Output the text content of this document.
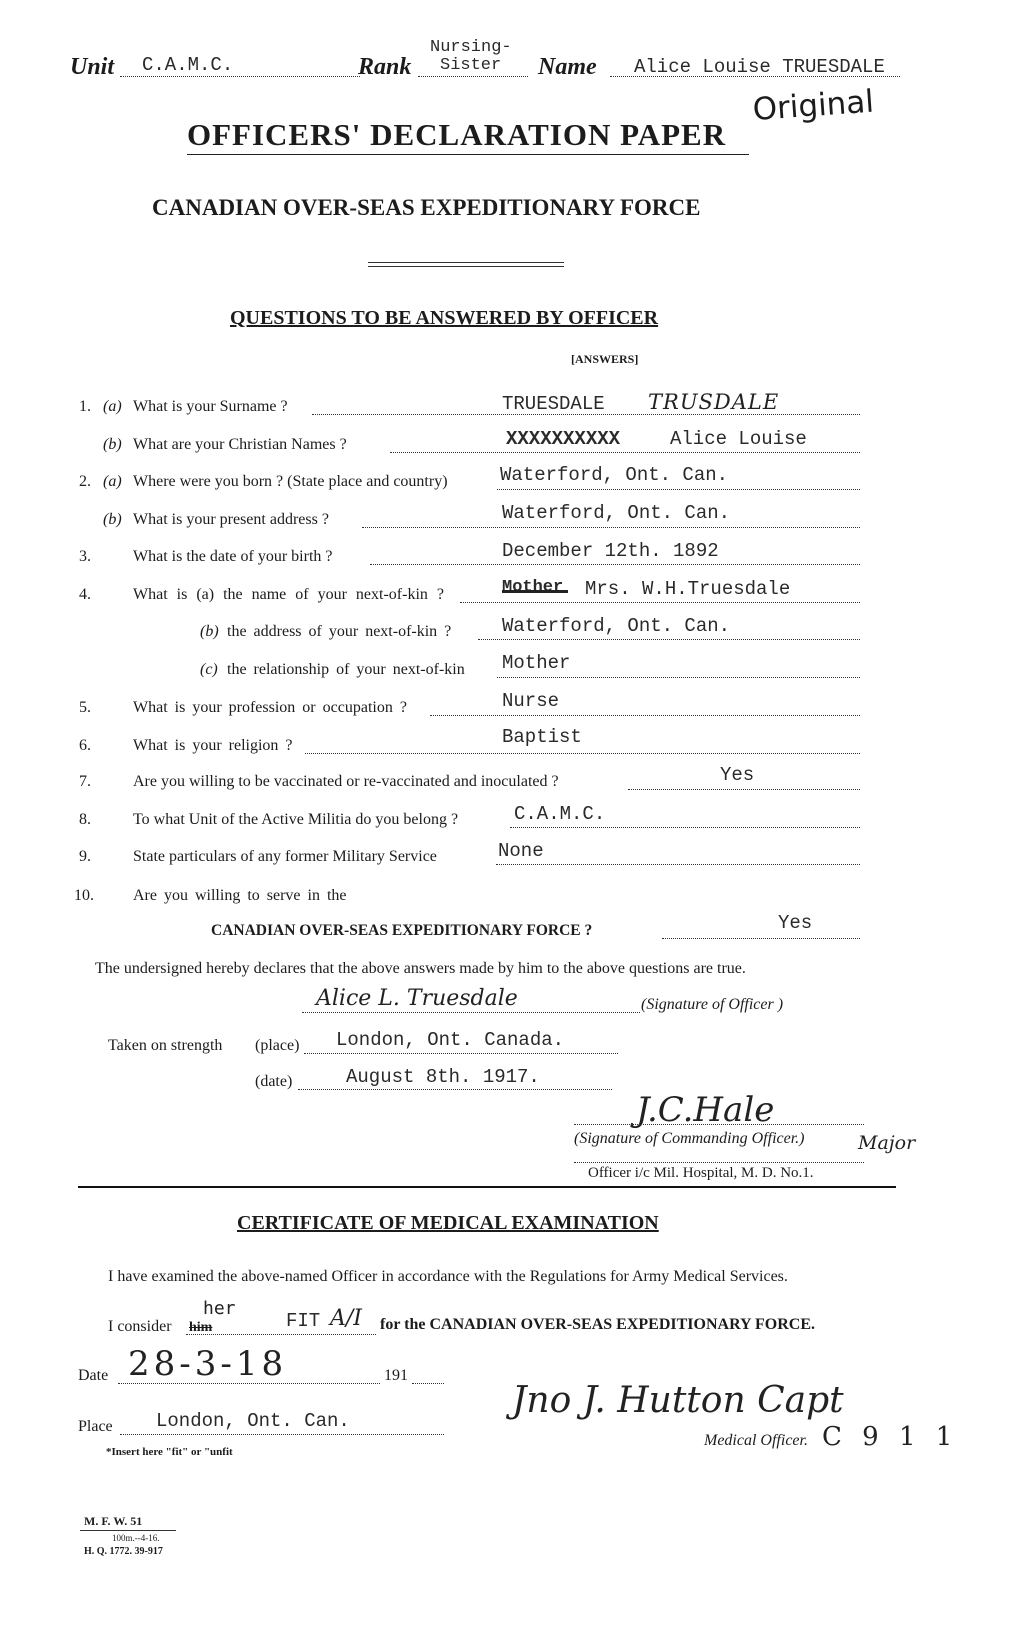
Unit C.A.M.C.	Rank
Nursing-
Sister Name Alice Louise TRUESDALE
OFFICERS' DECLARATION PAPER
Original
CANADIAN OVER-SEAS EXPEDITIONARY FORCE
QUESTIONS TO BE ANSWERED BY OFFICER
[ANSWERS]
1. (a) What is your Surname ?	TRUESDALE TRUSDALE
(b) What are your Christian Names ?	XXXXXXXXXX	Alice Louise
2. (a) Where were you born ? (State place and country)	Waterford, Ont. Can.
(b) What is your present address ?	Waterford, Ont. Can.
3.	What is the date of your birth ?	December 12th. 1892
4.	What is (a) the name of your next-of-kin ?	Mother Mrs. W.H.Truesdale
(b) the address of your next-of-kin ?	Waterford, Ont. Can.
(c) the relationship of your next-of-kin Mother
5.	What is your profession or occupation ?	Nurse
6.	What is your religion ?	Baptist
7.	Are you willing to be vaccinated or re-vaccinated and inoculated ?	Yes
8.	To what Unit of the Active Militia do you belong ?	C.A.M.C.
9.	State particulars of any former Military Service	None
10. Are you willing to serve in the
CANADIAN OVER-SEAS EXPEDITIONARY FORCE ?	Yes
The undersigned hereby declares that the above answers made by him to the above questions are true.
Alice L. Truesdale	(Signature of Officer )
Taken on strength (place) London, Ont. Canada.
(date)	August 8th. 1917.
J.C.Hale
(Signature of Commanding Officer.)	Major
Officer i/c Mil. Hospital, M. D. No.1.
CERTIFICATE OF MEDICAL EXAMINATION
I have examined the above-named Officer in accordance with the Regulations for Army Medical Services.
I consider
her
him	FIT A/I for the CANADIAN OVER-SEAS EXPEDITIONARY FORCE.
Date 28-3-18	191
Place London, Ont. Can.
*Insert here "fit" or "unfit
Jno J. Hutton Capt
Medical Officer. C 9 1 1
M. F. W. 51
100m.--4-16.
H. Q. 1772. 39-917
